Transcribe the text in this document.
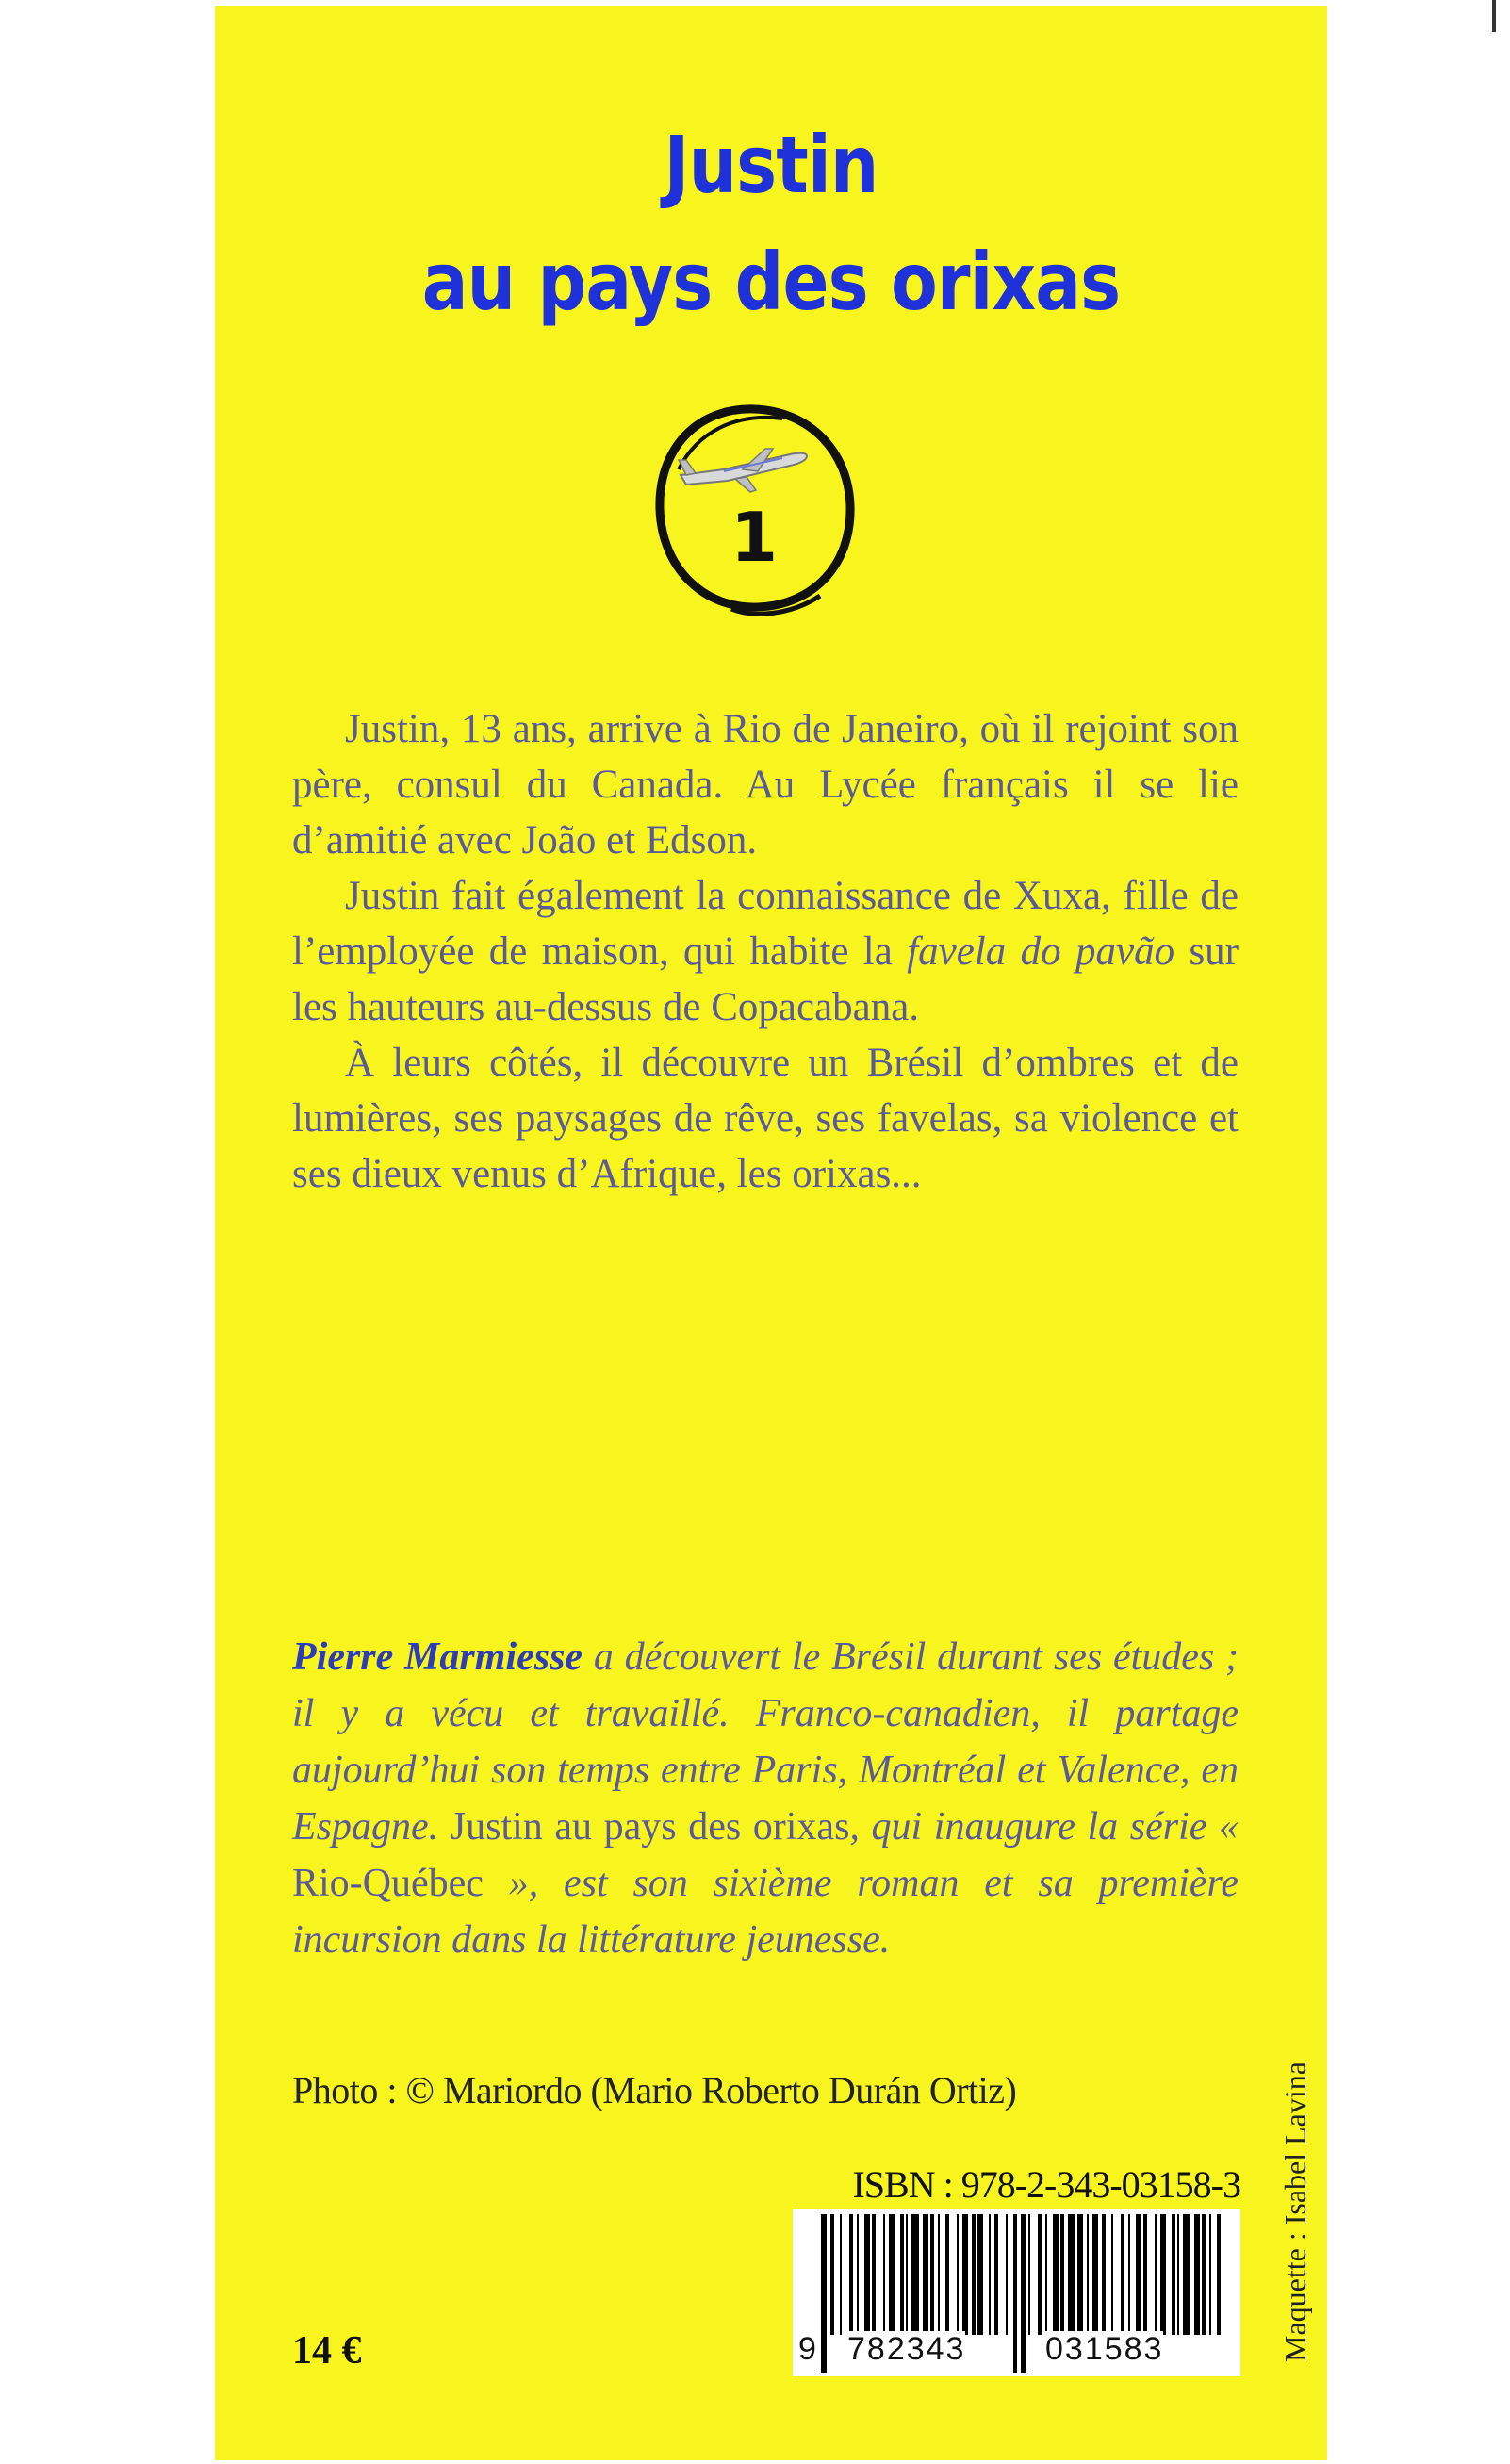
Justin
au pays des orixas
1

Justin, 13 ans, arrive à Rio de Janeiro, où il rejoint son père, consul du Canada. Au Lycée français il se lie d’amitié avec João et Edson.

Justin fait également la connaissance de Xuxa, fille de l’employée de maison, qui habite la favela do pavão sur les hauteurs au-dessus de Copacabana.

À leurs côtés, il découvre un Brésil d’ombres et de lumières, ses paysages de rêve, ses favelas, sa violence et ses dieux venus d’Afrique, les orixas...

Pierre Marmiesse a découvert le Brésil durant ses études ; il y a vécu et travaillé. Franco-canadien, il partage aujourd’hui son temps entre Paris, Montréal et Valence, en Espagne. Justin au pays des orixas, qui inaugure la série « Rio-Québec », est son sixième roman et sa première incursion dans la littérature jeunesse.
Photo : © Mariordo (Mario Roberto Durán Ortiz)	Maquette : Isabel Lavina
ISBN : 978-2-343-03158-3
9 782343 031583
14 €
